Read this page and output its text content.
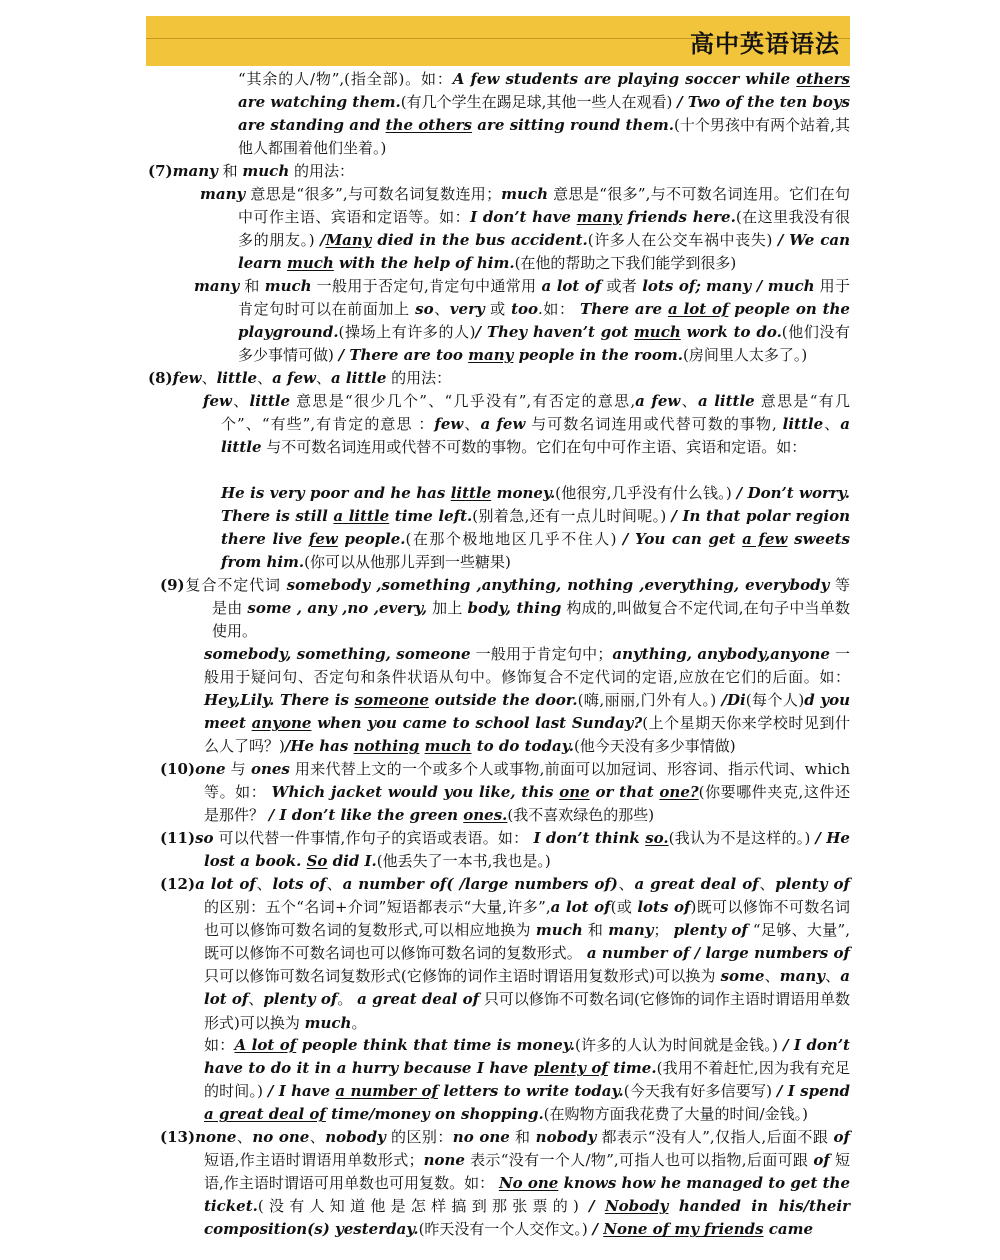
高中英语语法

“其余的人/物”,(指全部)。如：A few students are playing soccer while others are watching them.(有几个学生在踢足球,其他一些人在观看) / Two of the ten boys are standing and the others are sitting round them.(十个男孩中有两个站着,其他人都围着他们坐着。)

(7)many 和 much 的用法：

many 意思是“很多”,与可数名词复数连用；much 意思是“很多”,与不可数名词连用。它们在句中可作主语、宾语和定语等。如：I don’t have many friends here.(在这里我没有很多的朋友。) /Many died in the bus accident.(许多人在公交车祸中丧失) / We can learn much with the help of him.(在他的帮助之下我们能学到很多)

many 和 much 一般用于否定句,肯定句中通常用 a lot of 或者 lots of; many / much 用于肯定句时可以在前面加上 so、very 或 too.如： There are a lot of people on the playground.(操场上有许多的人)/ They haven’t got much work to do.(他们没有多少事情可做) / There are too many people in the room.(房间里人太多了。)

(8)few、little、a few、a little 的用法：

few、little 意思是“很少几个”、“几乎没有”,有否定的意思,a few、a little 意思是“有几个”、“有些”,有肯定的意思 ：few、a few 与可数名词连用或代替可数的事物, little、a little 与不可数名词连用或代替不可数的事物。它们在句中可作主语、宾语和定语。如：

He is very poor and he has little money.(他很穷,几乎没有什么钱。) / Don’t worry. There is still a little time left.(别着急,还有一点儿时间呢。) / In that polar region there live few people.(在那个极地地区几乎不住人) / You can get a few sweets from him.(你可以从他那儿弄到一些糖果)

(9)复合不定代词 somebody ,something ,anything, nothing ,everything, everybody 等是由 some , any ,no ,every, 加上 body, thing 构成的,叫做复合不定代词,在句子中当单数使用。

somebody, something, someone 一般用于肯定句中；anything, anybody,anyone 一般用于疑问句、否定句和条件状语从句中。修饰复合不定代词的定语,应放在它们的后面。如：Hey,Lily. There is someone outside the door.(嗨,丽丽,门外有人。) /Di(每个人)d you meet anyone when you came to school last Sunday?(上个星期天你来学校时见到什么人了吗？)/He has nothing much to do today.(他今天没有多少事情做)

(10)one 与 ones 用来代替上文的一个或多个人或事物,前面可以加冠词、形容词、指示代词、which 等。如： Which jacket would you like, this one or that one?(你要哪件夹克,这件还是那件？ / I don’t like the green ones.(我不喜欢绿色的那些)

(11)so 可以代替一件事情,作句子的宾语或表语。如： I don’t think so.(我认为不是这样的。) / He lost a book. So did I.(他丢失了一本书,我也是。)

(12)a lot of、lots of、a number of( /large numbers of)、a great deal of、plenty of 的区别：五个“名词+介词”短语都表示“大量,许多”,a lot of(或 lots of)既可以修饰不可数名词也可以修饰可数名词的复数形式,可以相应地换为 much 和 many； plenty of “足够、大量”,既可以修饰不可数名词也可以修饰可数名词的复数形式。 a number of / large numbers of 只可以修饰可数名词复数形式(它修饰的词作主语时谓语用复数形式)可以换为 some、many、a lot of、plenty of。 a great deal of 只可以修饰不可数名词(它修饰的词作主语时谓语用单数形式)可以换为 much。

如：A lot of people think that time is money.(许多的人认为时间就是金钱。) / I don’t have to do it in a hurry because I have plenty of time.(我用不着赶忙,因为我有充足的时间。) / I have a number of letters to write today.(今天我有好多信要写) / I spend a great deal of time/money on shopping.(在购物方面我花费了大量的时间/金钱。)

(13)none、no one、nobody 的区别：no one 和 nobody 都表示“没有人”,仅指人,后面不跟 of 短语,作主语时谓语用单数形式；none 表示“没有一个人/物”,可指人也可以指物,后面可跟 of 短语,作主语时谓语可用单数也可用复数。如： No one knows how he managed to get the ticket.(没有人知道他是怎样搞到那张票的) / Nobody handed in his/their composition(s) yesterday.(昨天没有一个人交作文。) / None of my friends came
